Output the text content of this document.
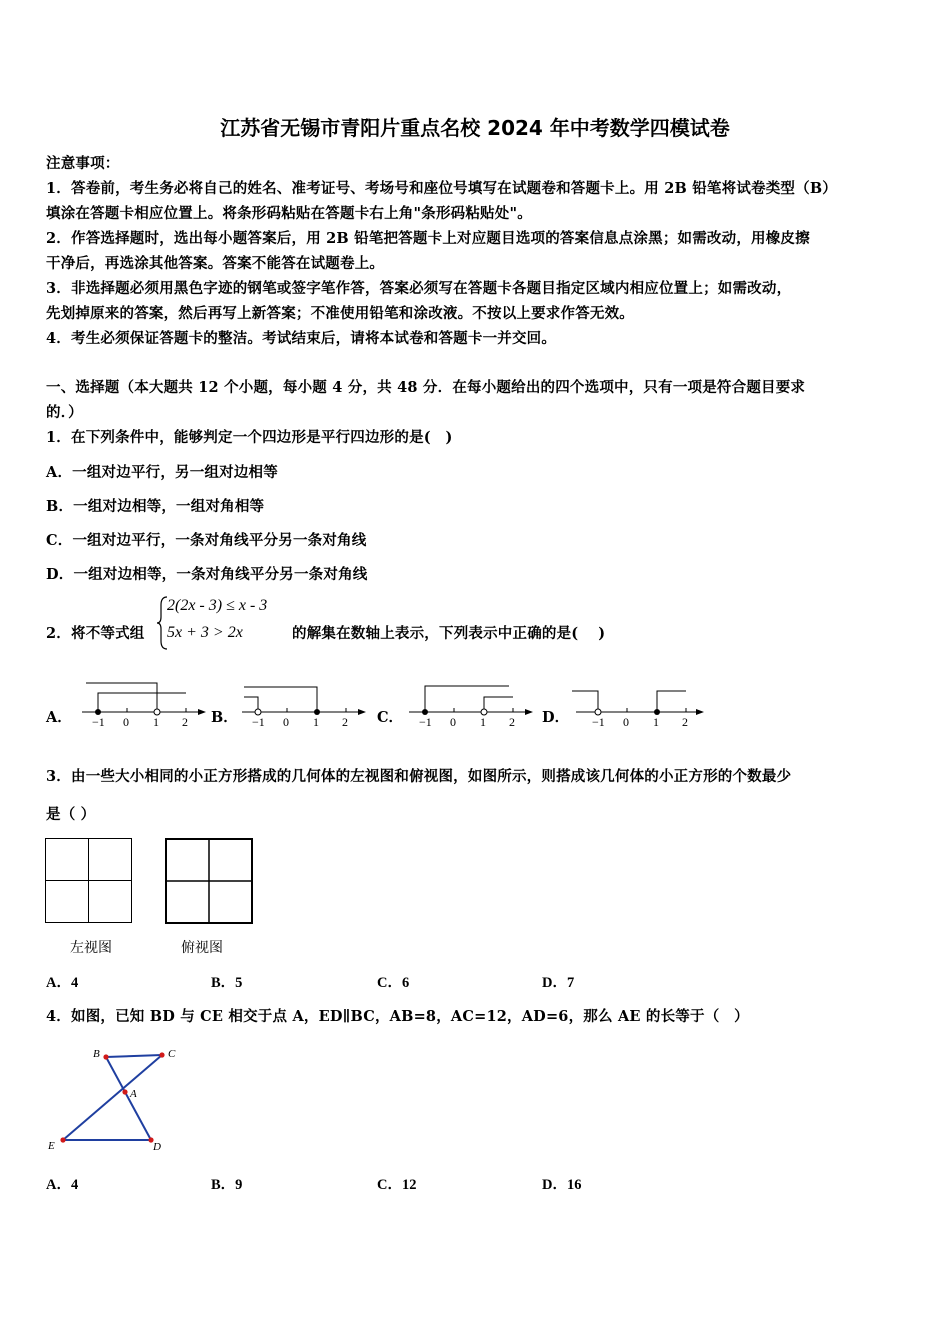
江苏省无锡市青阳片重点名校 2024 年中考数学四模试卷
注意事项：
1．答卷前，考生务必将自己的姓名、准考证号、考场号和座位号填写在试题卷和答题卡上。用 2B 铅笔将试卷类型（B）
填涂在答题卡相应位置上。将条形码粘贴在答题卡右上角"条形码粘贴处"。
2．作答选择题时，选出每小题答案后，用 2B 铅笔把答题卡上对应题目选项的答案信息点涂黑；如需改动，用橡皮擦
干净后，再选涂其他答案。答案不能答在试题卷上。
3．非选择题必须用黑色字迹的钢笔或签字笔作答，答案必须写在答题卡各题目指定区域内相应位置上；如需改动，
先划掉原来的答案，然后再写上新答案；不准使用铅笔和涂改液。不按以上要求作答无效。
4．考生必须保证答题卡的整洁。考试结束后，请将本试卷和答题卡一并交回。
一、选择题（本大题共 12 个小题，每小题 4 分，共 48 分．在每小题给出的四个选项中，只有一项是符合题目要求
的．）
1．在下列条件中，能够判定一个四边形是平行四边形的是(　)
A．一组对边平行，另一组对边相等
B．一组对边相等，一组对角相等
C．一组对边平行，一条对角线平分另一条对角线
D．一组对边相等，一条对角线平分另一条对角线
2．将不等式组
2(2x - 3) ≤ x - 3
5x + 3 > 2x	的解集在数轴上表示，下列表示中正确的是(　 )
A． −1 0 1 2 B． −1 0 1 2 C． −1 0 1 2 D． −1 0 1 2
3．由一些大小相同的小正方形搭成的几何体的左视图和俯视图，如图所示，则搭成该几何体的小正方形的个数最少
是（ ）
左视图	俯视图
A．4	B．5	C．6	D．7
4．如图，已知 BD 与 CE 相交于点 A，ED∥BC，AB=8，AC=12，AD=6，那么 AE 的长等于（　）
B	C
A
E	D
A．4	B．9	C．12	D．16
